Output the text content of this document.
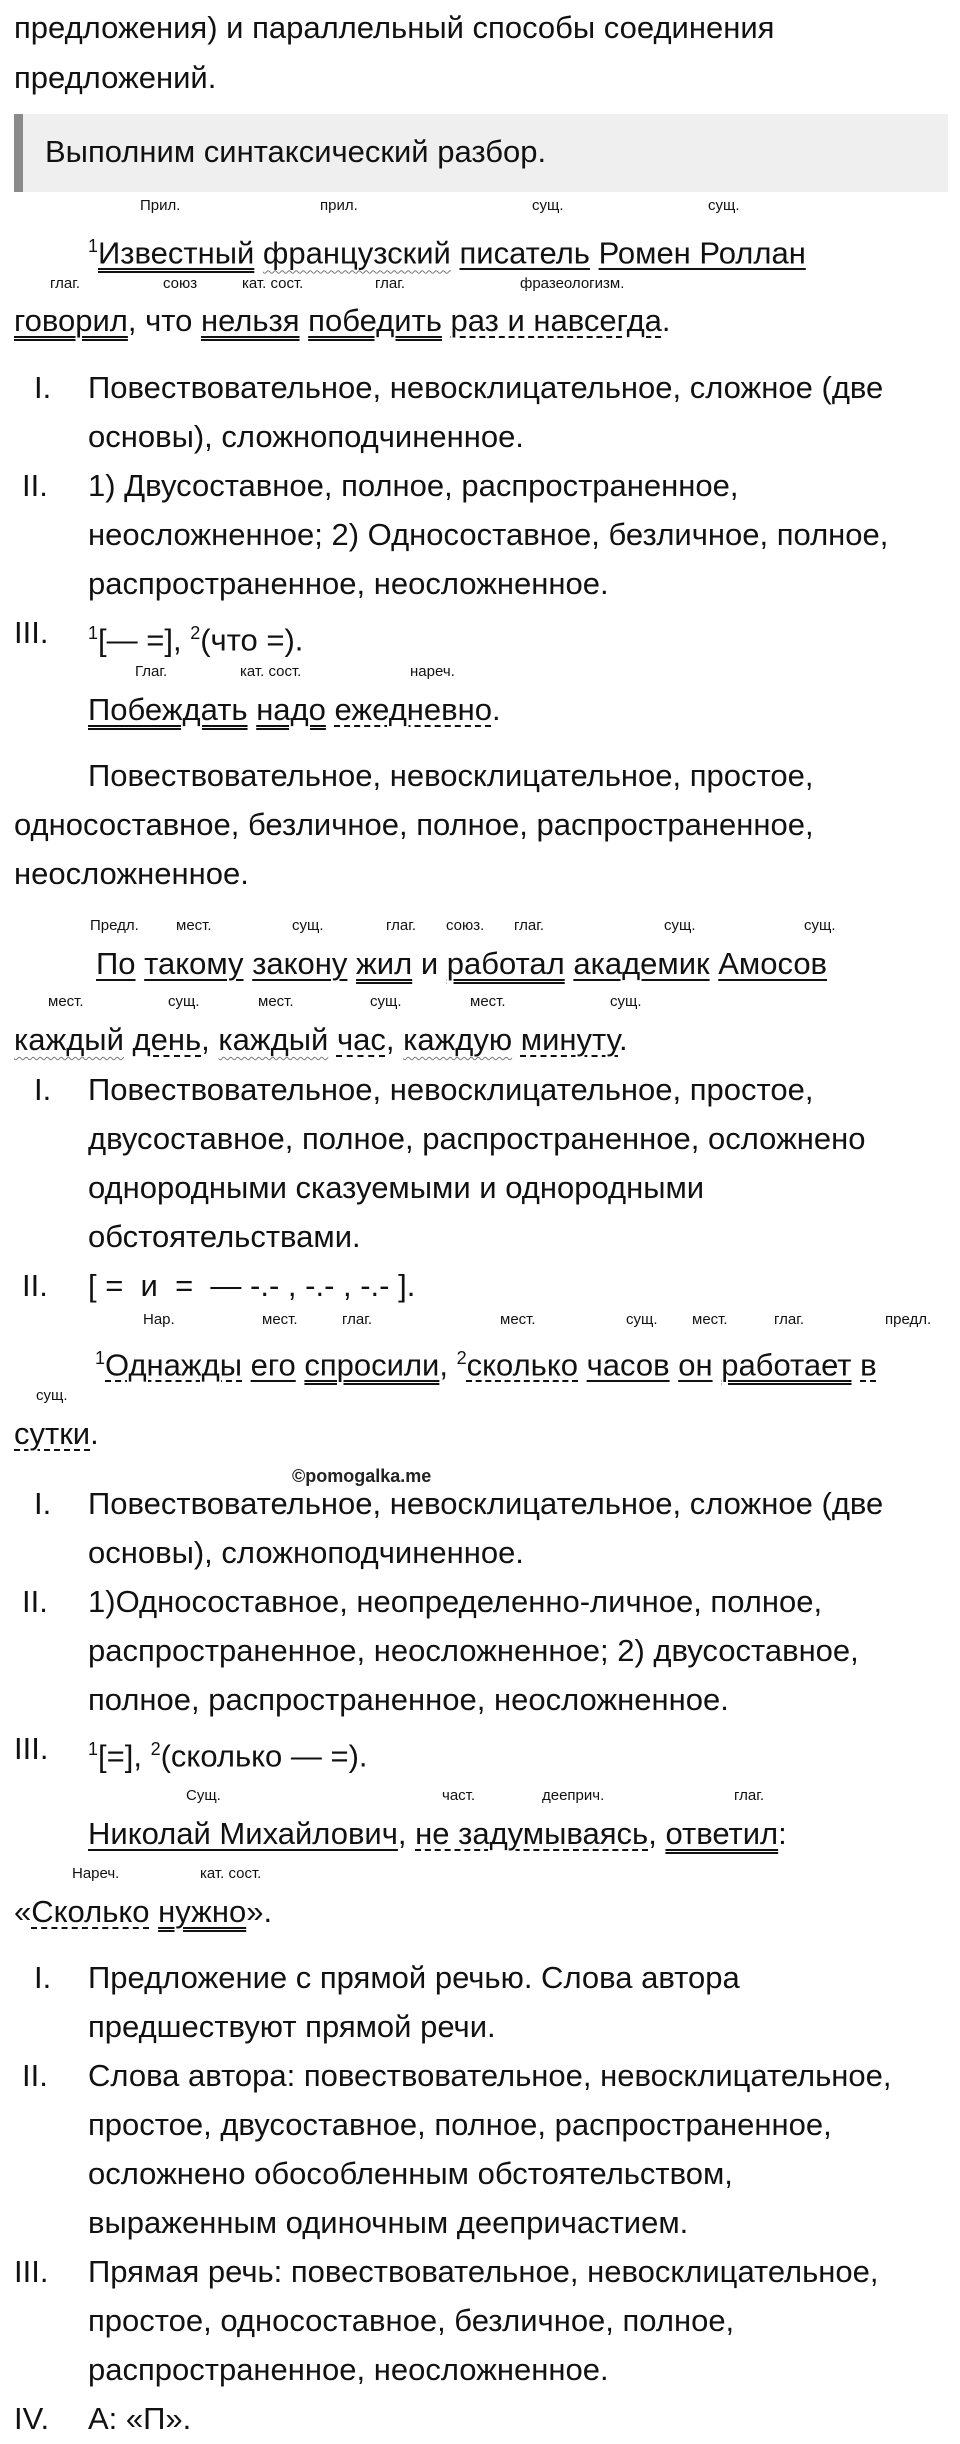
предложения) и параллельный способы соединения
предложений.
Выполним синтаксический разбор.
Прил.	прил.	сущ.	сущ.
$^1$Известный французский писатель Ромен Роллан
глаг.	союз	кат. сост.	глаг.	фразеологизм.
говорил, что нельзя победить раз и навсегда.
I. Повествовательное, невосклицательное, сложное (две
основы), сложноподчиненное.
II. 1) Двусоставное, полное, распространенное,
неосложненное; 2) Односоставное, безличное, полное,
распространенное, неосложненное.
III. $^1$[— =], $^2$(что =).
Глаг.	кат. сост.	нареч.
Побеждать надо ежедневно.
Повествовательное, невосклицательное, простое,
односоставное, безличное, полное, распространенное,
неосложненное.
Предл. мест.	сущ.	глаг. союз. глаг.	сущ.	сущ.
По такому закону жил и работал академик Амосов
мест.	сущ.	мест.	сущ.	мест.	сущ.
каждый день, каждый час, каждую минуту.
I. Повествовательное, невосклицательное, простое,
двусоставное, полное, распространенное, осложнено
однородными сказуемыми и однородными
обстоятельствами.
II. [ =  и  =  — -.- , -.- , -.- ].
Нар.	мест.	глаг.	мест.	сущ. мест.	глаг.	предл.
$^1$Однажды его спросили, $^2$сколько часов он работает в
сущ.
сутки.
©pomogalka.me
I. Повествовательное, невосклицательное, сложное (две
основы), сложноподчиненное.
II. 1)Односоставное, неопределенно-личное, полное,
распространенное, неосложненное; 2) двусоставное,
полное, распространенное, неосложненное.
III. $^1$[=], $^2$(сколько — =).
Сущ.	част.	дееприч.	глаг.
Николай Михайлович, не задумываясь, ответил:
Нареч.	кат. сост.
«Сколько нужно».
I. Предложение с прямой речью. Слова автора
предшествуют прямой речи.
II. Слова автора: повествовательное, невосклицательное,
простое, двусоставное, полное, распространенное,
осложнено обособленным обстоятельством,
выраженным одиночным деепричастием.
III. Прямая речь: повествовательное, невосклицательное,
простое, односоставное, безличное, полное,
распространенное, неосложненное.
IV. А: «П».
